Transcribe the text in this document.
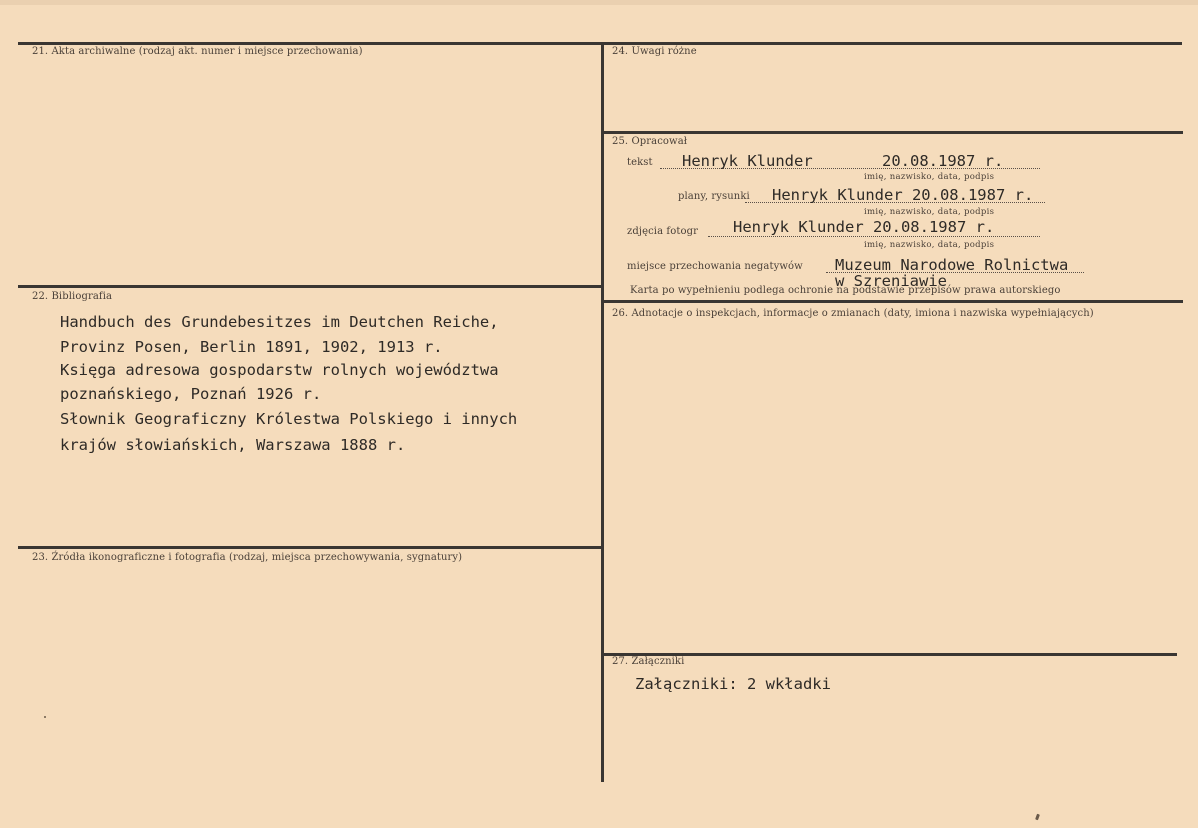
21. Akta archiwalne (rodzaj akt. numer i miejsce przechowania)
22. Bibliografia
Handbuch des Grundebesitzes im Deutchen Reiche,
Provinz Posen, Berlin 1891, 1902, 1913 r.
Księga adresowa gospodarstw rolnych województwa
poznańskiego, Poznań 1926 r.
Słownik Geograficzny Królestwa Polskiego i innych
krajów słowiańskich, Warszawa 1888 r.
23. Źródła ikonograficzne i fotografia (rodzaj, miejsca przechowywania, sygnatury)
24. Uwagi różne
25. Opracował
tekst Henryk Klunder	20.08.1987 r.
imię, nazwisko, data, podpis
plany, rysunki Henryk Klunder 20.08.1987 r.
imię, nazwisko, data, podpis
zdjęcia fotogr Henryk Klunder 20.08.1987 r.
imię, nazwisko, data, podpis
miejsce przechowania negatywów Muzeum Narodowe Rolnictwa
w Szreniawie
Karta po wypełnieniu podlega ochronie na podstawie przepisów prawa autorskiego
26. Adnotacje o inspekcjach, informacje o zmianach (daty, imiona i nazwiska wypełniających)
27. Załączniki
Załączniki: 2 wkładki
